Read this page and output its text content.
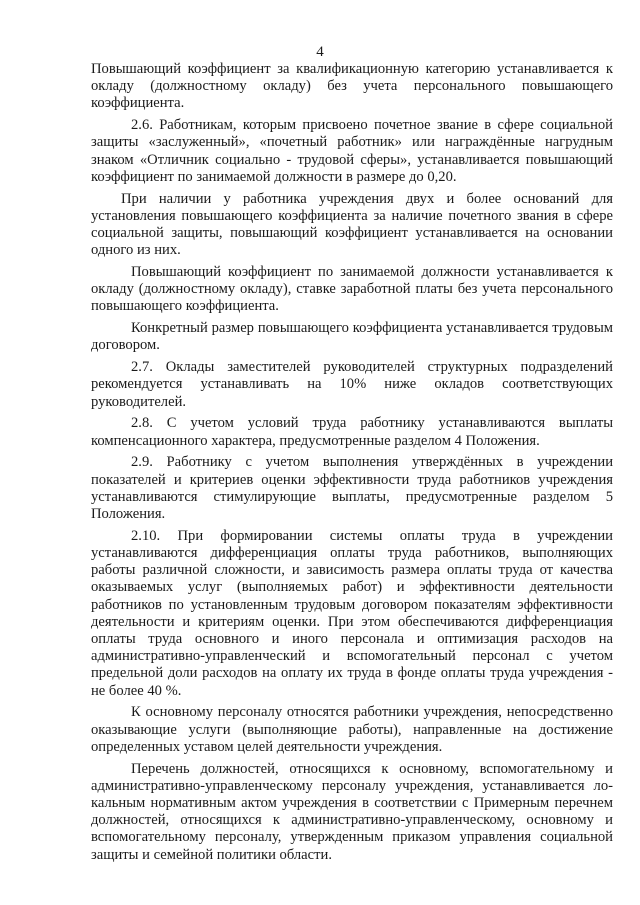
4

Повышающий коэффициент за квалификационную категорию устанавливается к окладу (должностному окладу) без учета персонального повышающего коэффициента.

2.6. Работникам, которым присвоено почетное звание в сфере социальной защиты «заслуженный», «почетный работник» или награждённые нагрудным знаком «Отличник социально - трудовой сферы», устанавливается повышающий коэффициент по занимаемой должности в размере до 0,20.

При наличии у работника учреждения двух и более оснований для установления повышающего коэффициента за наличие почетного звания в сфере социальной защиты, повышающий коэффициент устанавливается на основании одного из них.

Повышающий коэффициент по занимаемой должности устанавливается к окладу (должностному окладу), ставке заработной платы без учета персонального повышающего коэффициента.

Конкретный размер повышающего коэффициента устанавливается трудовым договором.

2.7. Оклады заместителей руководителей структурных подразделений рекомендуется устанавливать на 10% ниже окладов соответствующих руководителей.

2.8. С учетом условий труда работнику устанавливаются выплаты компенсационного характера, предусмотренные разделом 4 Положения.

2.9. Работнику с учетом выполнения утверждённых в учреждении показателей и критериев оценки эффективности труда работников учреждения устанавливаются стимулирующие выплаты, предусмотренные разделом 5 Положения.

2.10. При формировании системы оплаты труда в учреждении устанавливаются дифференциация оплаты труда работников, выполняющих работы различной сложности, и зависимость размера оплаты труда от качества оказываемых услуг (выполняемых работ) и эффективности деятельности работников по установленным трудовым договором показателям эффективности деятельности и критериям оценки. При этом обеспечиваются дифференциация оплаты труда основного и иного персонала и оптимизация расходов на административно-управленческий и вспомогательный персонал с учетом предельной доли расходов на оплату их труда в фонде оплаты труда учреждения - не более 40 %.

К основному персоналу относятся работники учреждения, непосредственно оказывающие услуги (выполняющие работы), направленные на достижение определенных уставом целей деятельности учреждения.

Перечень должностей, относящихся к основному, вспомогательному и административно-управленческому персоналу учреждения, устанавливается локальным нормативным актом учреждения в соответствии с Примерным перечнем должностей, относящихся к административно-управленческому, основному и вспомогательному персоналу, утвержденным приказом управления социальной защиты и семейной политики области.
